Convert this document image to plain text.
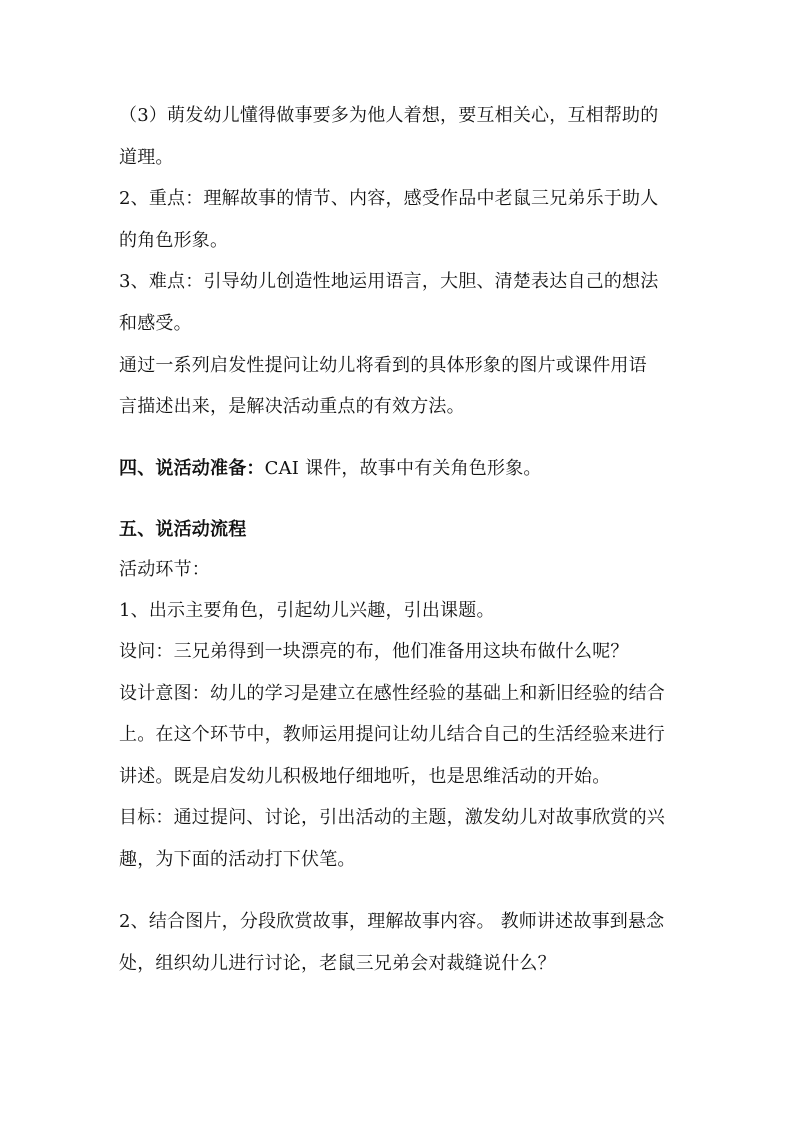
（3）萌发幼儿懂得做事要多为他人着想，要互相关心，互相帮助的
道理。
2、重点：理解故事的情节、内容，感受作品中老鼠三兄弟乐于助人
的角色形象。
3、难点：引导幼儿创造性地运用语言，大胆、清楚表达自己的想法
和感受。
通过一系列启发性提问让幼儿将看到的具体形象的图片或课件用语
言描述出来，是解决活动重点的有效方法。
四、说活动准备：CAI 课件，故事中有关角色形象。
五、说活动流程
活动环节：
1、出示主要角色，引起幼儿兴趣，引出课题。
设问：三兄弟得到一块漂亮的布，他们准备用这块布做什么呢？
设计意图：幼儿的学习是建立在感性经验的基础上和新旧经验的结合
上。在这个环节中，教师运用提问让幼儿结合自己的生活经验来进行
讲述。既是启发幼儿积极地仔细地听，也是思维活动的开始。
目标：通过提问、讨论，引出活动的主题，激发幼儿对故事欣赏的兴
趣，为下面的活动打下伏笔。
2、结合图片，分段欣赏故事，理解故事内容。 教师讲述故事到悬念
处，组织幼儿进行讨论，老鼠三兄弟会对裁缝说什么？
